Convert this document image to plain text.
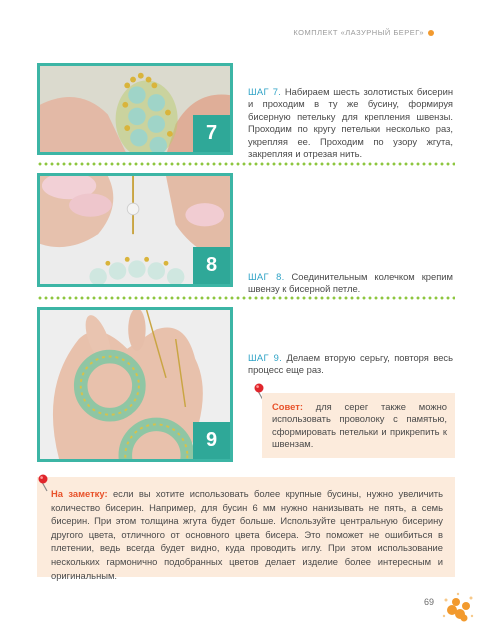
КОМПЛЕКТ «ЛАЗУРНЫЙ БЕРЕГ»
7
8
9
ШАГ 7. Набираем шесть золотистых бисерин и проходим в ту же бусину, формируя бисерную петельку для крепления швензы. Проходим по кругу петельки несколько раз, укрепляя ее. Проходим по узору жгута, закрепляя и отрезая нить.
ШАГ 8. Соединительным колечком крепим швензу к бисерной петле.
ШАГ 9. Делаем вторую серьгу, повторя весь процесс еще раз.
Совет: для серег также можно использовать проволоку с памятью, сформировать петельки и прикрепить к швензам.
На заметку: если вы хотите использовать более крупные бусины, нужно увеличить количество бисерин. Например, для бусин 6 мм нужно нанизывать не пять, а семь бисерин. При этом толщина жгута будет больше. Используйте центральную бисерину другого цвета, отличного от основного цвета бисера. Это поможет не ошибиться в плетении, ведь всегда будет видно, куда проводить иглу. При этом использование нескольких гармонично подобранных цветов делает изделие более интересным и оригинальным.
69
